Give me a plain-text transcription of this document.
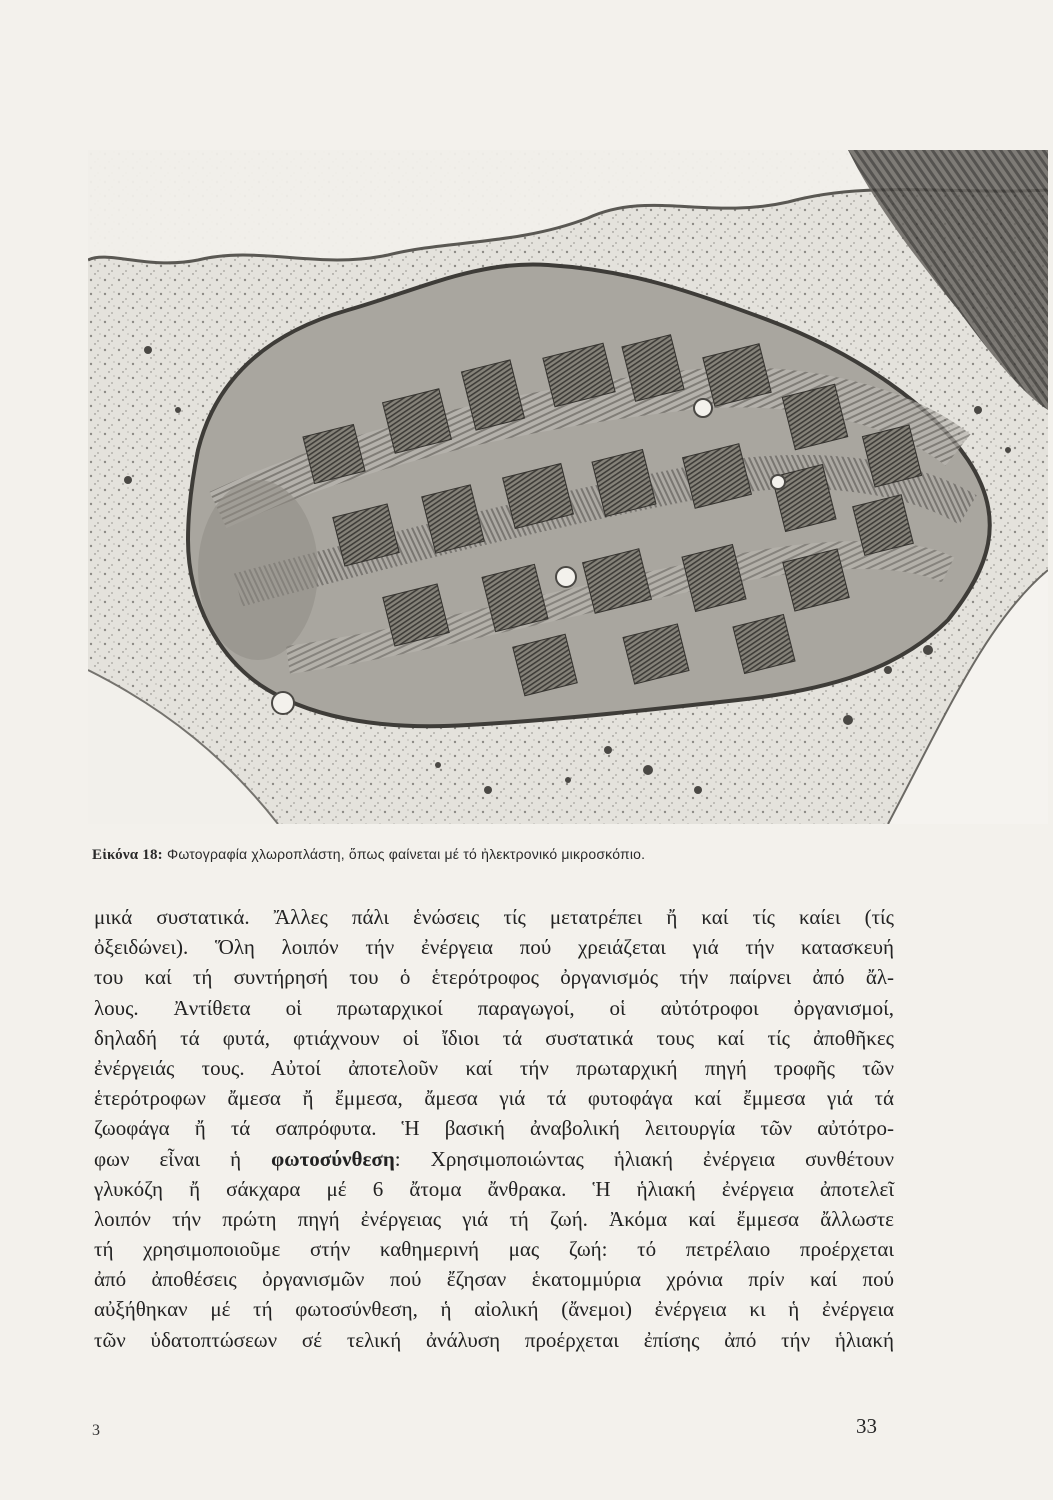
Εἰκόνα 18: Φωτογραφία χλωροπλάστη, ὅπως φαίνεται μέ τό ἠλεκτρονικό μικροσκόπιο.
μικά συστατικά. Ἄλλες πάλι ἑνώσεις τίς μετατρέπει ἤ καί τίς καίει (τίς
ὀξειδώνει). Ὅλη λοιπόν τήν ἐνέργεια πού χρειάζεται γιά τήν κατασκευή
του καί τή συντήρησή του ὁ ἑτερότροφος ὀργανισμός τήν παίρνει ἀπό ἄλ-
λους. Ἀντίθετα οἱ πρωταρχικοί παραγωγοί, οἱ αὐτότροφοι ὀργανισμοί,
δηλαδή τά φυτά, φτιάχνουν οἱ ἴδιοι τά συστατικά τους καί τίς ἀποθῆκες
ἐνέργειάς τους. Αὐτοί ἀποτελοῦν καί τήν πρωταρχική πηγή τροφῆς τῶν
ἑτερότροφων ἄμεσα ἤ ἔμμεσα, ἄμεσα γιά τά φυτοφάγα καί ἔμμεσα γιά τά
ζωοφάγα ἤ τά σαπρόφυτα. Ἡ βασική ἀναβολική λειτουργία τῶν αὐτότρο-
φων εἶναι ἡ φωτοσύνθεση: Χρησιμοποιώντας ἡλιακή ἐνέργεια συνθέτουν
γλυκόζη ἤ σάκχαρα μέ 6 ἄτομα ἄνθρακα. Ἡ ἡλιακή ἐνέργεια ἀποτελεῖ
λοιπόν τήν πρώτη πηγή ἐνέργειας γιά τή ζωή. Ἀκόμα καί ἔμμεσα ἄλλωστε
τή χρησιμοποιοῦμε στήν καθημερινή μας ζωή: τό πετρέλαιο προέρχεται
ἀπό ἀποθέσεις ὀργανισμῶν πού ἔζησαν ἑκατομμύρια χρόνια πρίν καί πού
αὐξήθηκαν μέ τή φωτοσύνθεση, ἡ αἰολική (ἄνεμοι) ἐνέργεια κι ἡ ἐνέργεια
τῶν ὑδατοπτώσεων σέ τελική ἀνάλυση προέρχεται ἐπίσης ἀπό τήν ἡλιακή
3	33
